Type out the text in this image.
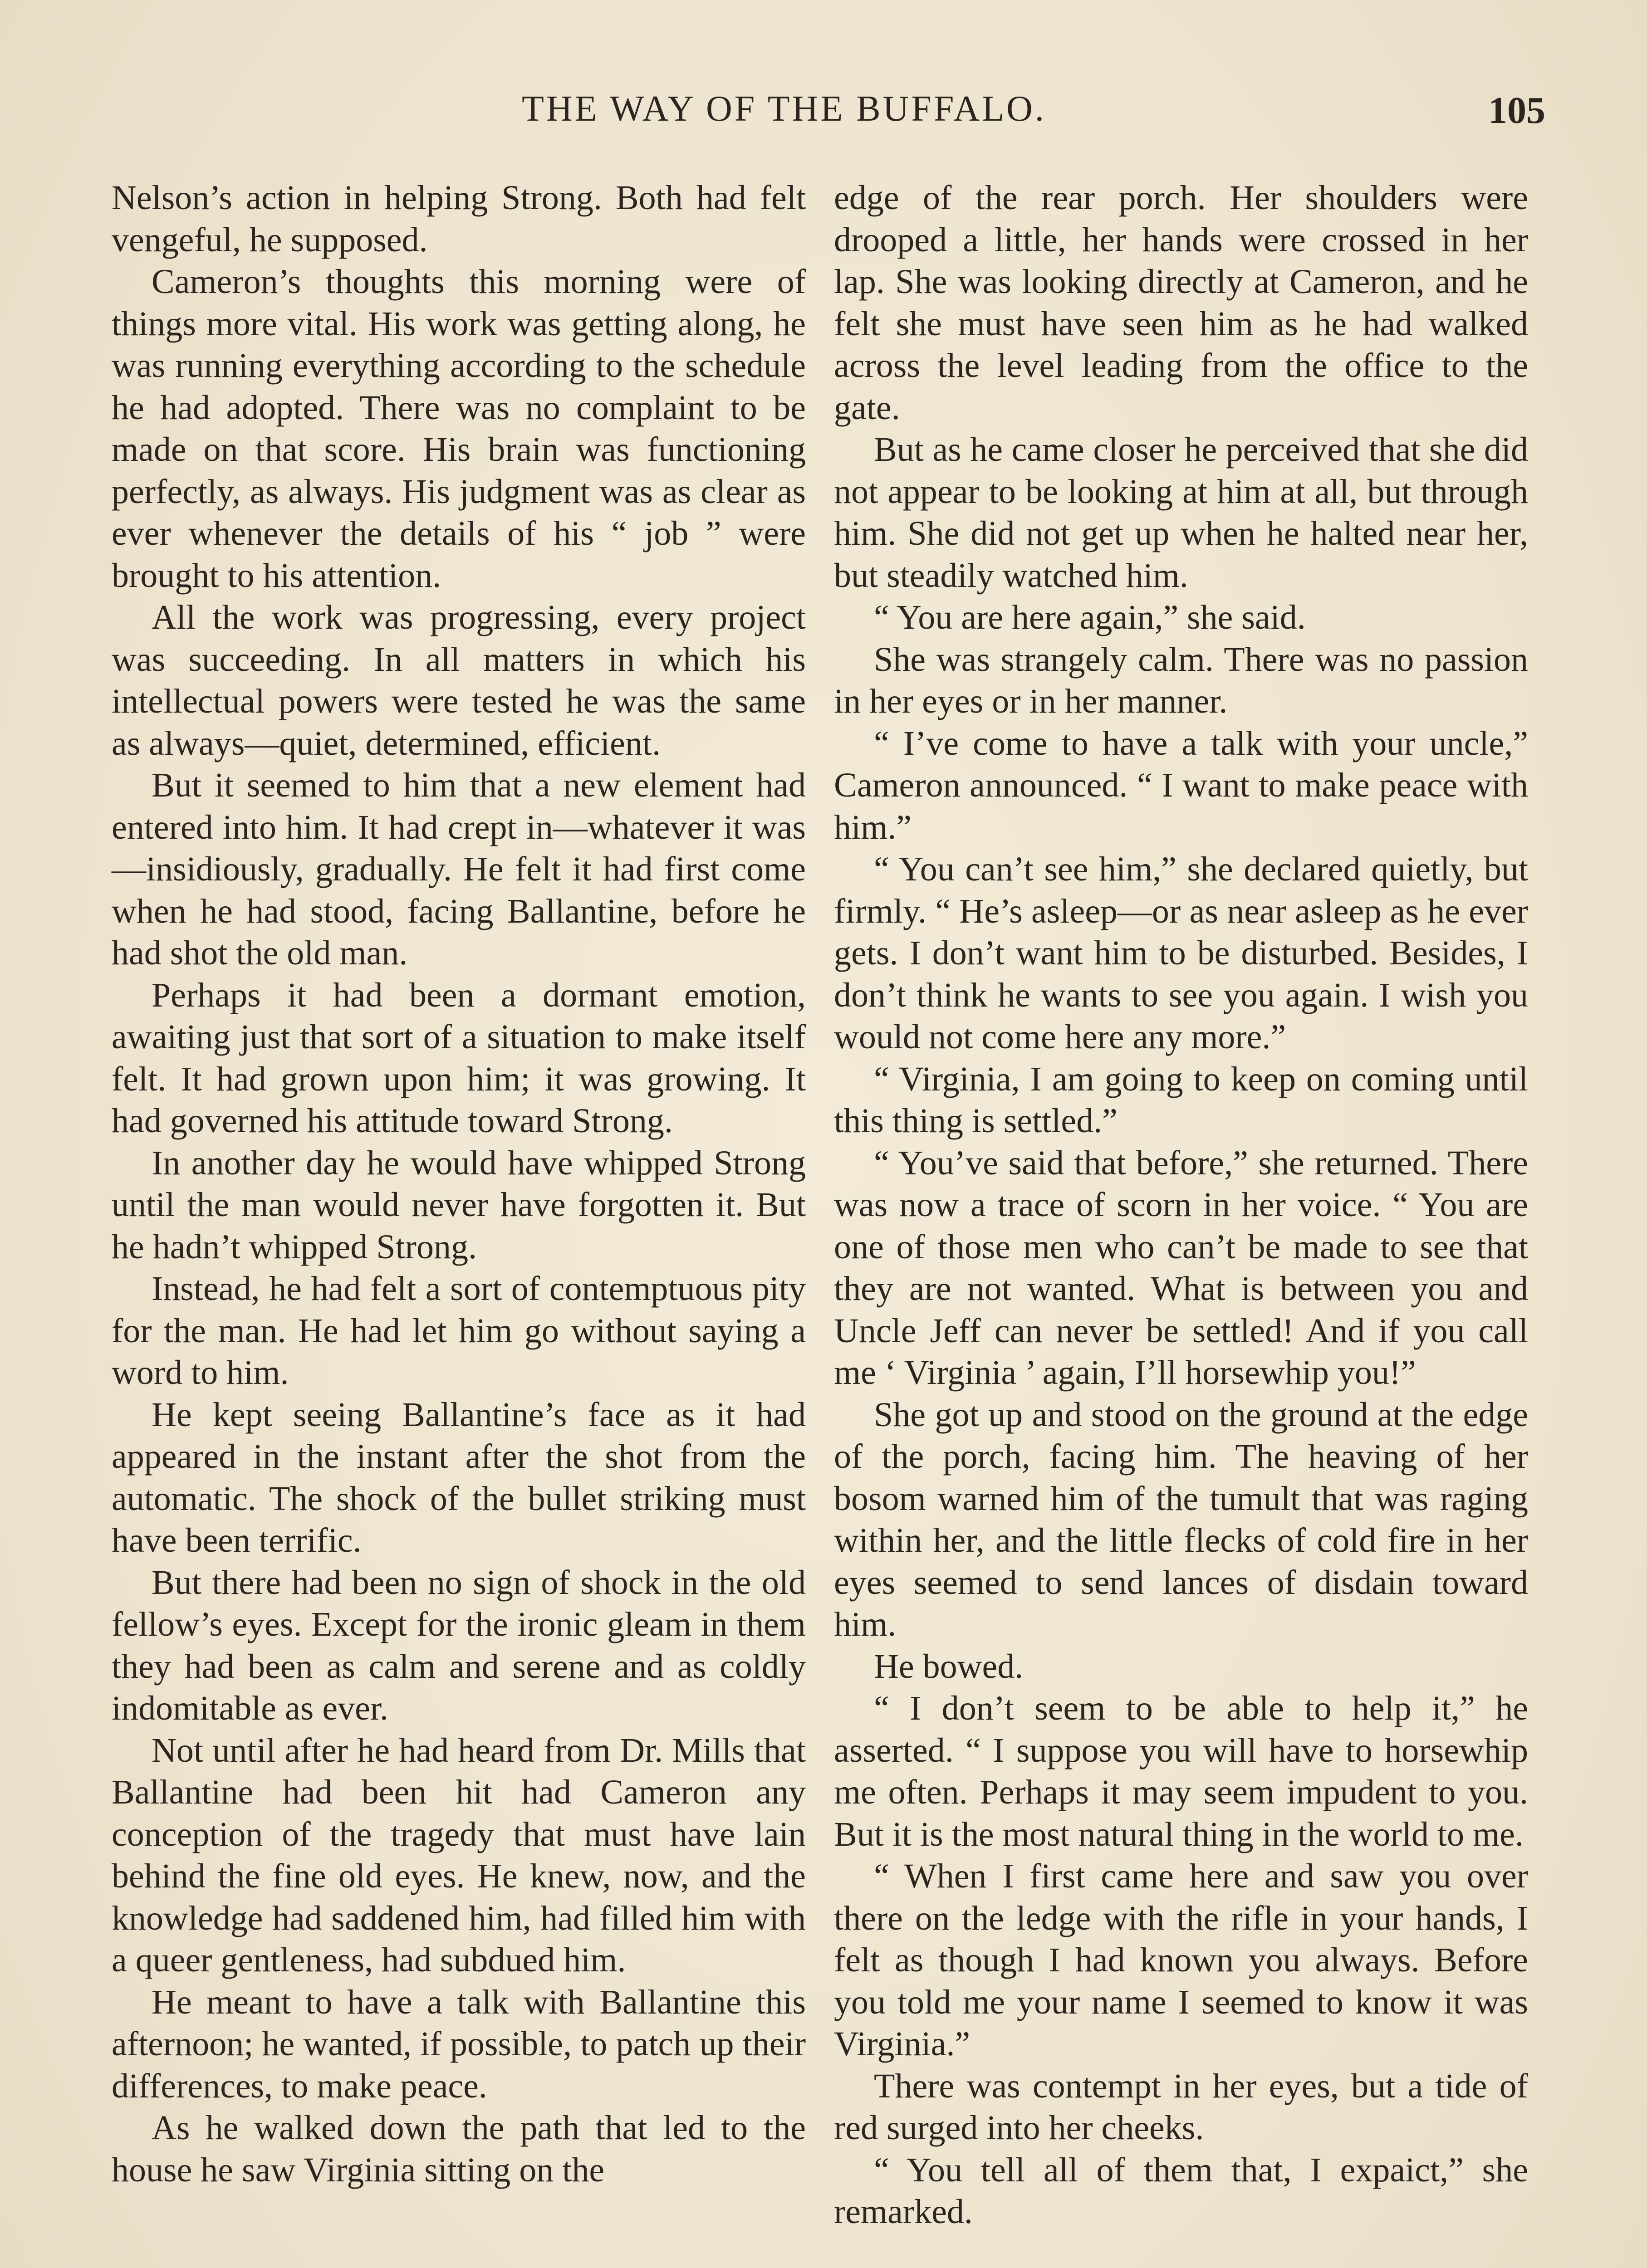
THE WAY OF THE BUFFALO.	105

Nelson’s action in helping Strong. Both had felt vengeful, he supposed.

Cameron’s thoughts this morning were of things more vital. His work was getting along, he was running everything according to the schedule he had adopted. There was no complaint to be made on that score. His brain was functioning perfectly, as always. His judgment was as clear as ever whenever the details of his “ job ” were brought to his attention.

All the work was progressing, every project was succeeding. In all matters in which his intellectual powers were tested he was the same as always—quiet, determined, efficient.

But it seemed to him that a new element had entered into him. It had crept in—whatever it was—insidiously, gradually. He felt it had first come when he had stood, facing Ballantine, before he had shot the old man.

Perhaps it had been a dormant emotion, awaiting just that sort of a situation to make itself felt. It had grown upon him; it was growing. It had governed his attitude toward Strong.

In another day he would have whipped Strong until the man would never have forgotten it. But he hadn’t whipped Strong.

Instead, he had felt a sort of contemptuous pity for the man. He had let him go without saying a word to him.

He kept seeing Ballantine’s face as it had appeared in the instant after the shot from the automatic. The shock of the bullet striking must have been terrific.

But there had been no sign of shock in the old fellow’s eyes. Except for the ironic gleam in them they had been as calm and serene and as coldly indomitable as ever.

Not until after he had heard from Dr. Mills that Ballantine had been hit had Cameron any conception of the tragedy that must have lain behind the fine old eyes. He knew, now, and the knowledge had saddened him, had filled him with a queer gentleness, had subdued him.

He meant to have a talk with Ballantine this afternoon; he wanted, if possible, to patch up their differences, to make peace.

As he walked down the path that led to the house he saw Virginia sitting on the

edge of the rear porch. Her shoulders were drooped a little, her hands were crossed in her lap. She was looking directly at Cameron, and he felt she must have seen him as he had walked across the level leading from the office to the gate.

But as he came closer he perceived that she did not appear to be looking at him at all, but through him. She did not get up when he halted near her, but steadily watched him.

“ You are here again,” she said.

She was strangely calm. There was no passion in her eyes or in her manner.

“ I’ve come to have a talk with your uncle,” Cameron announced. “ I want to make peace with him.”

“ You can’t see him,” she declared quietly, but firmly. “ He’s asleep—or as near asleep as he ever gets. I don’t want him to be disturbed. Besides, I don’t think he wants to see you again. I wish you would not come here any more.”

“ Virginia, I am going to keep on coming until this thing is settled.”

“ You’ve said that before,” she returned. There was now a trace of scorn in her voice. “ You are one of those men who can’t be made to see that they are not wanted. What is between you and Uncle Jeff can never be settled! And if you call me ‘ Virginia ’ again, I’ll horsewhip you!”

She got up and stood on the ground at the edge of the porch, facing him. The heaving of her bosom warned him of the tumult that was raging within her, and the little flecks of cold fire in her eyes seemed to send lances of disdain toward him.

He bowed.

“ I don’t seem to be able to help it,” he asserted. “ I suppose you will have to horsewhip me often. Perhaps it may seem impudent to you. But it is the most natural thing in the world to me.

“ When I first came here and saw you over there on the ledge with the rifle in your hands, I felt as though I had known you always. Before you told me your name I seemed to know it was Virginia.”

There was contempt in her eyes, but a tide of red surged into her cheeks.

“ You tell all of them that, I expaict,” she remarked.
